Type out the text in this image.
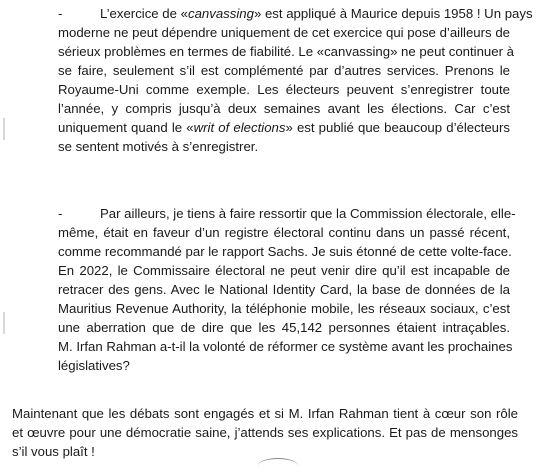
-	L’exercice de «canvassing» est appliqué à Maurice depuis 1958 ! Un pays
moderne ne peut dépendre uniquement de cet exercice qui pose d’ailleurs de
sérieux problèmes en termes de fiabilité. Le «canvassing» ne peut continuer à
se faire, seulement s’il est complémenté par d’autres services. Prenons le
Royaume-Uni comme exemple. Les électeurs peuvent s’enregistrer toute
l’année, y compris jusqu’à deux semaines avant les élections. Car c’est
uniquement quand le «writ of elections» est publié que beaucoup d’électeurs
se sentent motivés à s’enregistrer.
-	Par ailleurs, je tiens à faire ressortir que la Commission électorale, elle-
même, était en faveur d’un registre électoral continu dans un passé récent,
comme recommandé par le rapport Sachs. Je suis étonné de cette volte-face.
En 2022, le Commissaire électoral ne peut venir dire qu’il est incapable de
retracer des gens. Avec le National Identity Card, la base de données de la
Mauritius Revenue Authority, la téléphonie mobile, les réseaux sociaux, c’est
une aberration que de dire que les 45,142 personnes étaient intraçables.
M. Irfan Rahman a-t-il la volonté de réformer ce système avant les prochaines
législatives?
Maintenant que les débats sont engagés et si M. Irfan Rahman tient à cœur son rôle
et œuvre pour une démocratie saine, j’attends ses explications. Et pas de mensonges
s’il vous plaît !
